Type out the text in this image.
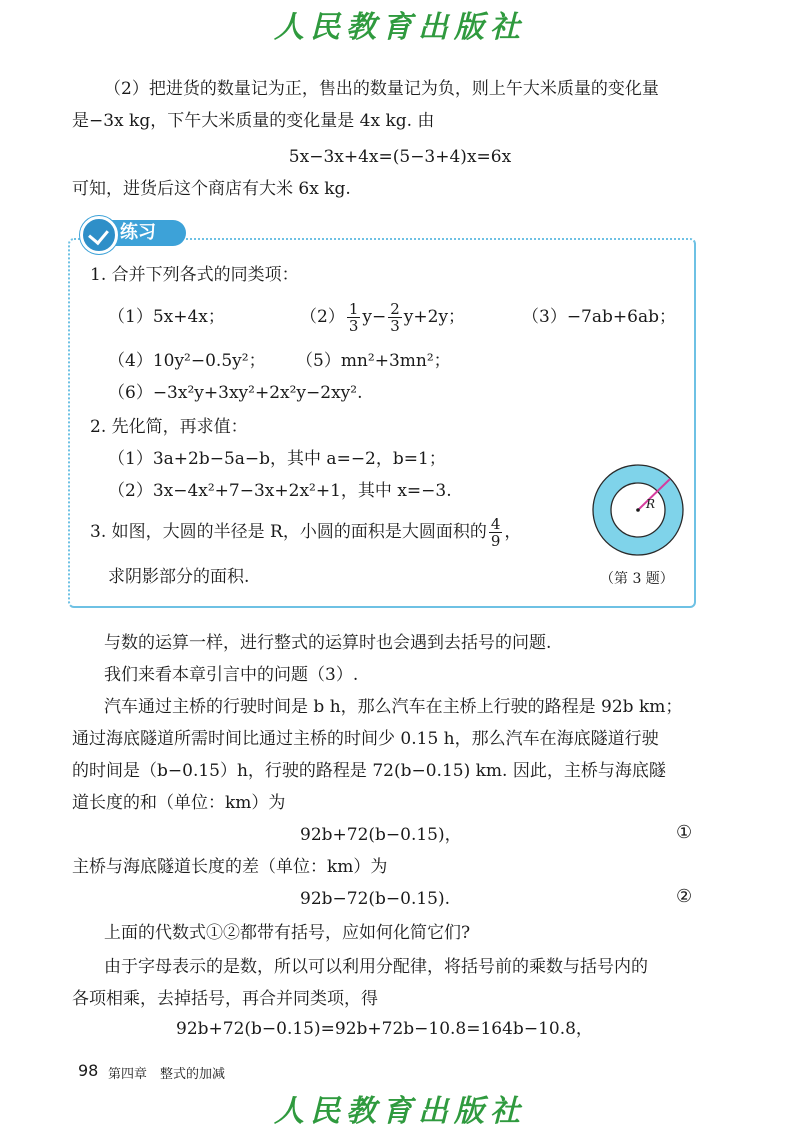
人民教育出版社
（2）把进货的数量记为正，售出的数量记为负，则上午大米质量的变化量
是−3x kg，下午大米质量的变化量是 4x kg. 由
5x−3x+4x=(5−3+4)x=6x
可知，进货后这个商店有大米 6x kg.
练习
1. 合并下列各式的同类项：
（1）5x+4x；	$(2) \frac{1}{3} y- \frac{2}{3} y+2y$；	（3）−7ab+6ab；
（4）10y²−0.5y²； （5）mn²+3mn²；
（6）−3x²y+3xy²+2x²y−2xy².
2. 先化简，再求值：
（1）3a+2b−5a−b，其中 a=−2，b=1；
（2）3x−4x²+7−3x+2x²+1，其中 x=−3.
3. 如图，大圆的半径是 R，小圆的面积是大圆面积的 $\frac{4}{9}$ ，
求阴影部分的面积.
R
（第 3 题）
与数的运算一样，进行整式的运算时也会遇到去括号的问题.
我们来看本章引言中的问题（3）.
汽车通过主桥的行驶时间是 b h，那么汽车在主桥上行驶的路程是 92b km；
通过海底隧道所需时间比通过主桥的时间少 0.15 h，那么汽车在海底隧道行驶
的时间是（b−0.15）h，行驶的路程是 72(b−0.15) km. 因此，主桥与海底隧
道长度的和（单位：km）为
92b+72(b−0.15)，	①
主桥与海底隧道长度的差（单位：km）为
92b−72(b−0.15).	②
上面的代数式①②都带有括号，应如何化简它们?
由于字母表示的是数，所以可以利用分配律，将括号前的乘数与括号内的
各项相乘，去掉括号，再合并同类项，得
92b+72(b−0.15)=92b+72b−10.8=164b−10.8，
98 第四章　整式的加减
人民教育出版社
